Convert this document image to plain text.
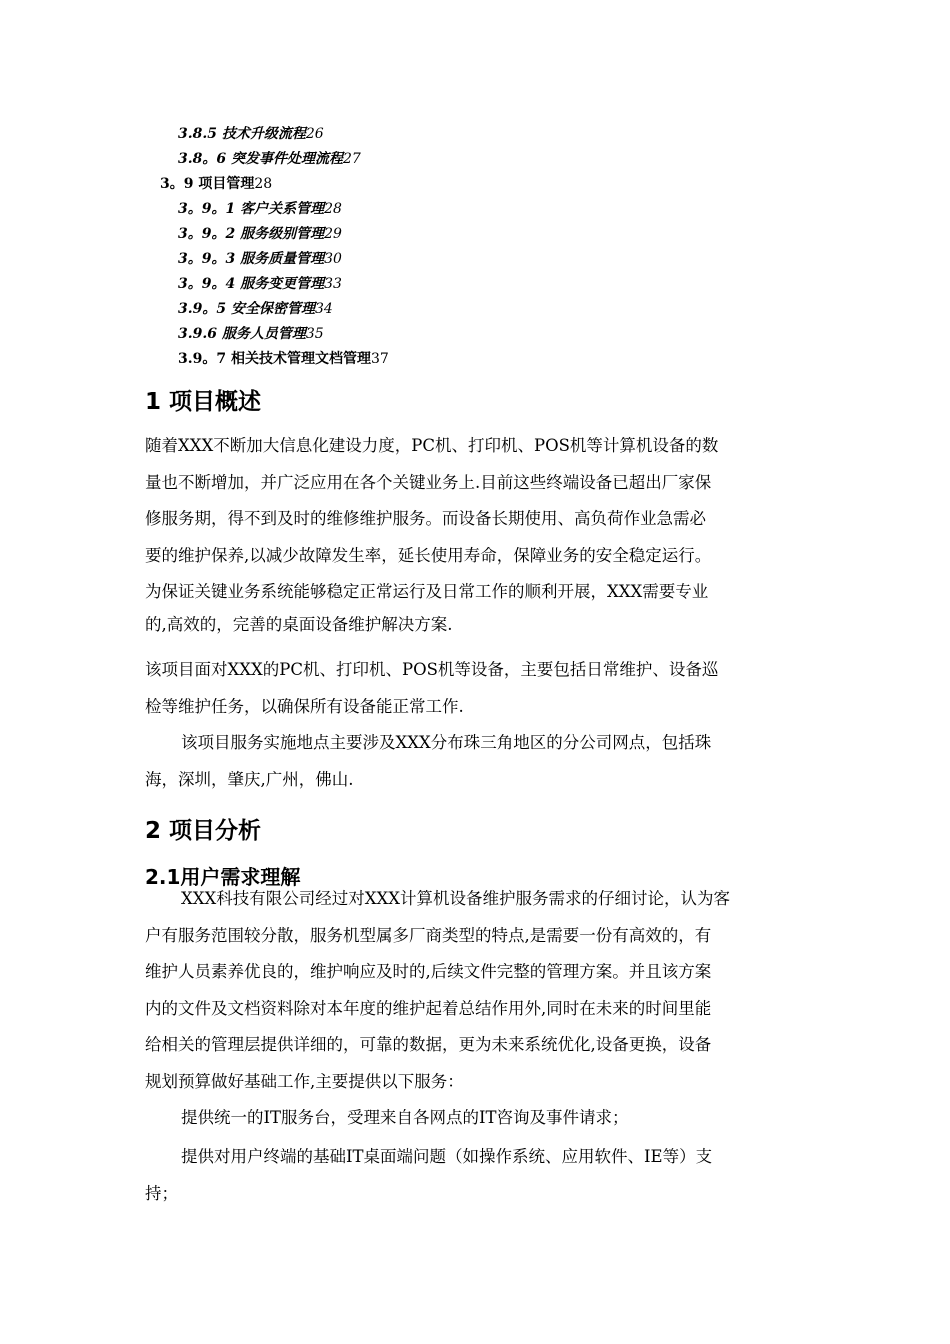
3.8.5 技术升级流程26
3.8。6 突发事件处理流程27
3。9 项目管理28
3。9。1 客户关系管理28
3。9。2 服务级别管理29
3。9。3 服务质量管理30
3。9。4 服务变更管理33
3.9。5 安全保密管理34
3.9.6 服务人员管理35
3.9。7 相关技术管理文档管理37
1 项目概述
随着XXX不断加大信息化建设力度，PC机、打印机、POS机等计算机设备的数
量也不断增加，并广泛应用在各个关键业务上.目前这些终端设备已超出厂家保
修服务期，得不到及时的维修维护服务。而设备长期使用、高负荷作业急需必
要的维护保养,以减少故障发生率，延长使用寿命，保障业务的安全稳定运行。
为保证关键业务系统能够稳定正常运行及日常工作的顺利开展，XXX需要专业
的,高效的，完善的桌面设备维护解决方案.
该项目面对XXX的PC机、打印机、POS机等设备，主要包括日常维护、设备巡
检等维护任务，以确保所有设备能正常工作.
该项目服务实施地点主要涉及XXX分布珠三角地区的分公司网点，包括珠
海，深圳，肇庆,广州，佛山.
2 项目分析
2.1用户需求理解
XXX科技有限公司经过对XXX计算机设备维护服务需求的仔细讨论，认为客
户有服务范围较分散，服务机型属多厂商类型的特点,是需要一份有高效的，有
维护人员素养优良的，维护响应及时的,后续文件完整的管理方案。并且该方案
内的文件及文档资料除对本年度的维护起着总结作用外,同时在未来的时间里能
给相关的管理层提供详细的，可靠的数据，更为未来系统优化,设备更换，设备
规划预算做好基础工作,主要提供以下服务：
提供统一的IT服务台，受理来自各网点的IT咨询及事件请求；
提供对用户终端的基础IT桌面端问题（如操作系统、应用软件、IE等）支
持；
